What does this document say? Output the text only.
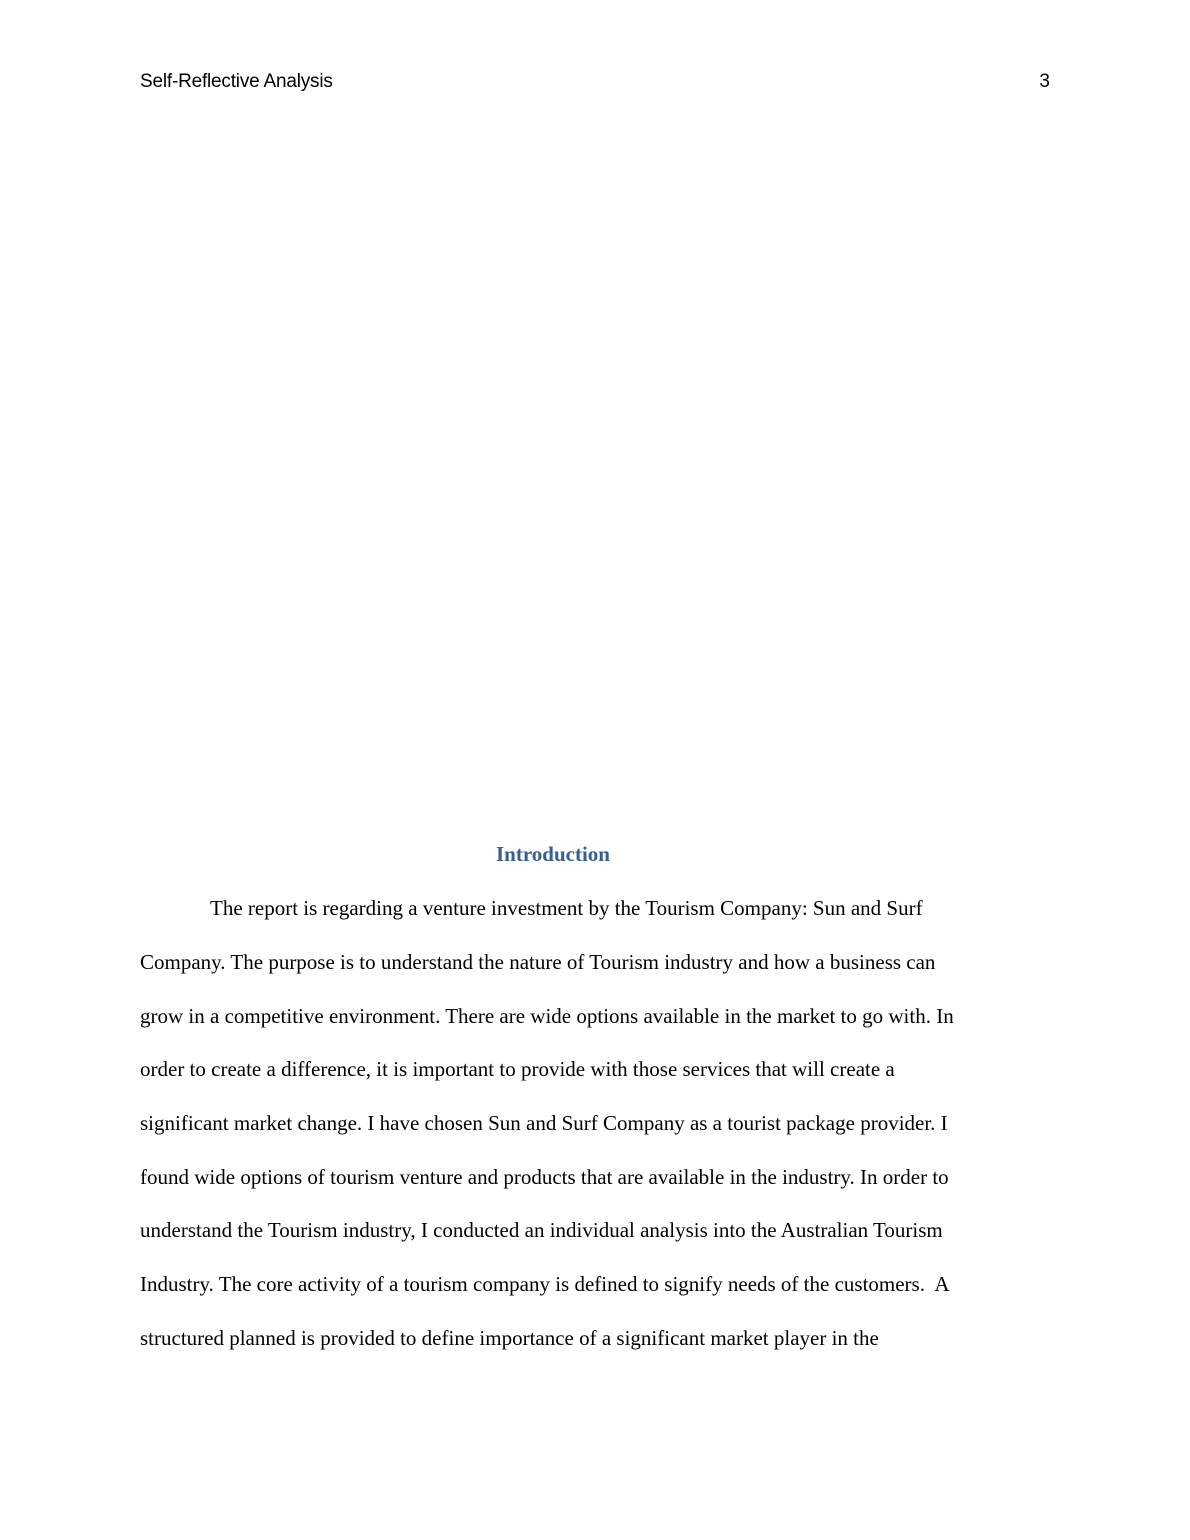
Self-Reflective Analysis	3
Introduction

The report is regarding a venture investment by the Tourism Company: Sun and Surf

Company. The purpose is to understand the nature of Tourism industry and how a business can

grow in a competitive environment. There are wide options available in the market to go with. In

order to create a difference, it is important to provide with those services that will create a

significant market change. I have chosen Sun and Surf Company as a tourist package provider. I

found wide options of tourism venture and products that are available in the industry. In order to

understand the Tourism industry, I conducted an individual analysis into the Australian Tourism

Industry. The core activity of a tourism company is defined to signify needs of the customers.  A

structured planned is provided to define importance of a significant market player in the
